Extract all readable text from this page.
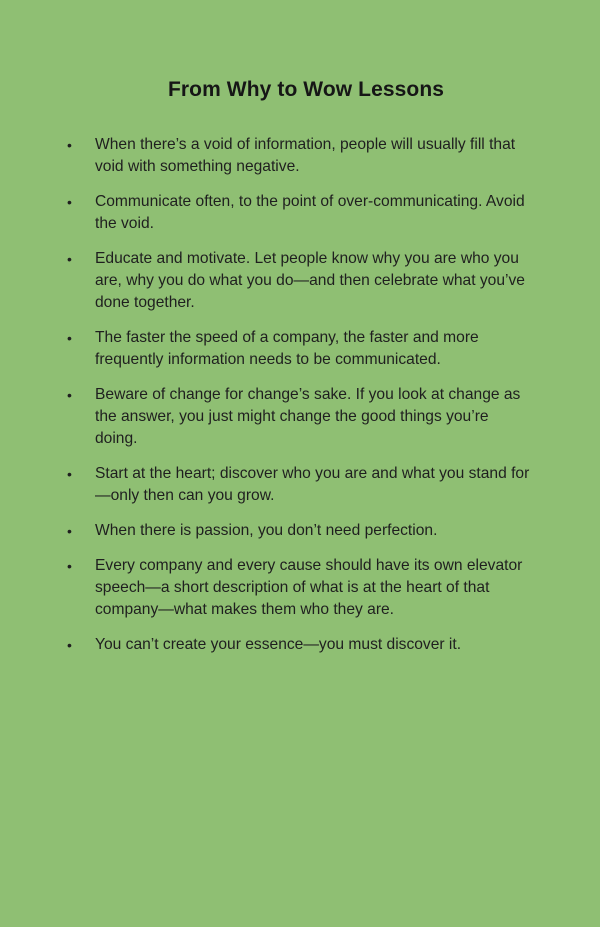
From Why to Wow Lessons
• When there’s a void of information, people will usually fill that void with something negative.
• Communicate often, to the point of over-communicating. Avoid the void.
• Educate and motivate. Let people know why you are who you are, why you do what you do—and then celebrate what you’ve done together.
• The faster the speed of a company, the faster and more frequently information needs to be communicated.
• Beware of change for change’s sake. If you look at change as the answer, you just might change the good things you’re doing.
• Start at the heart; discover who you are and what you stand for—only then can you grow.
• When there is passion, you don’t need perfection.
• Every company and every cause should have its own elevator speech—a short description of what is at the heart of that company—what makes them who they are.
• You can’t create your essence—you must discover it.
